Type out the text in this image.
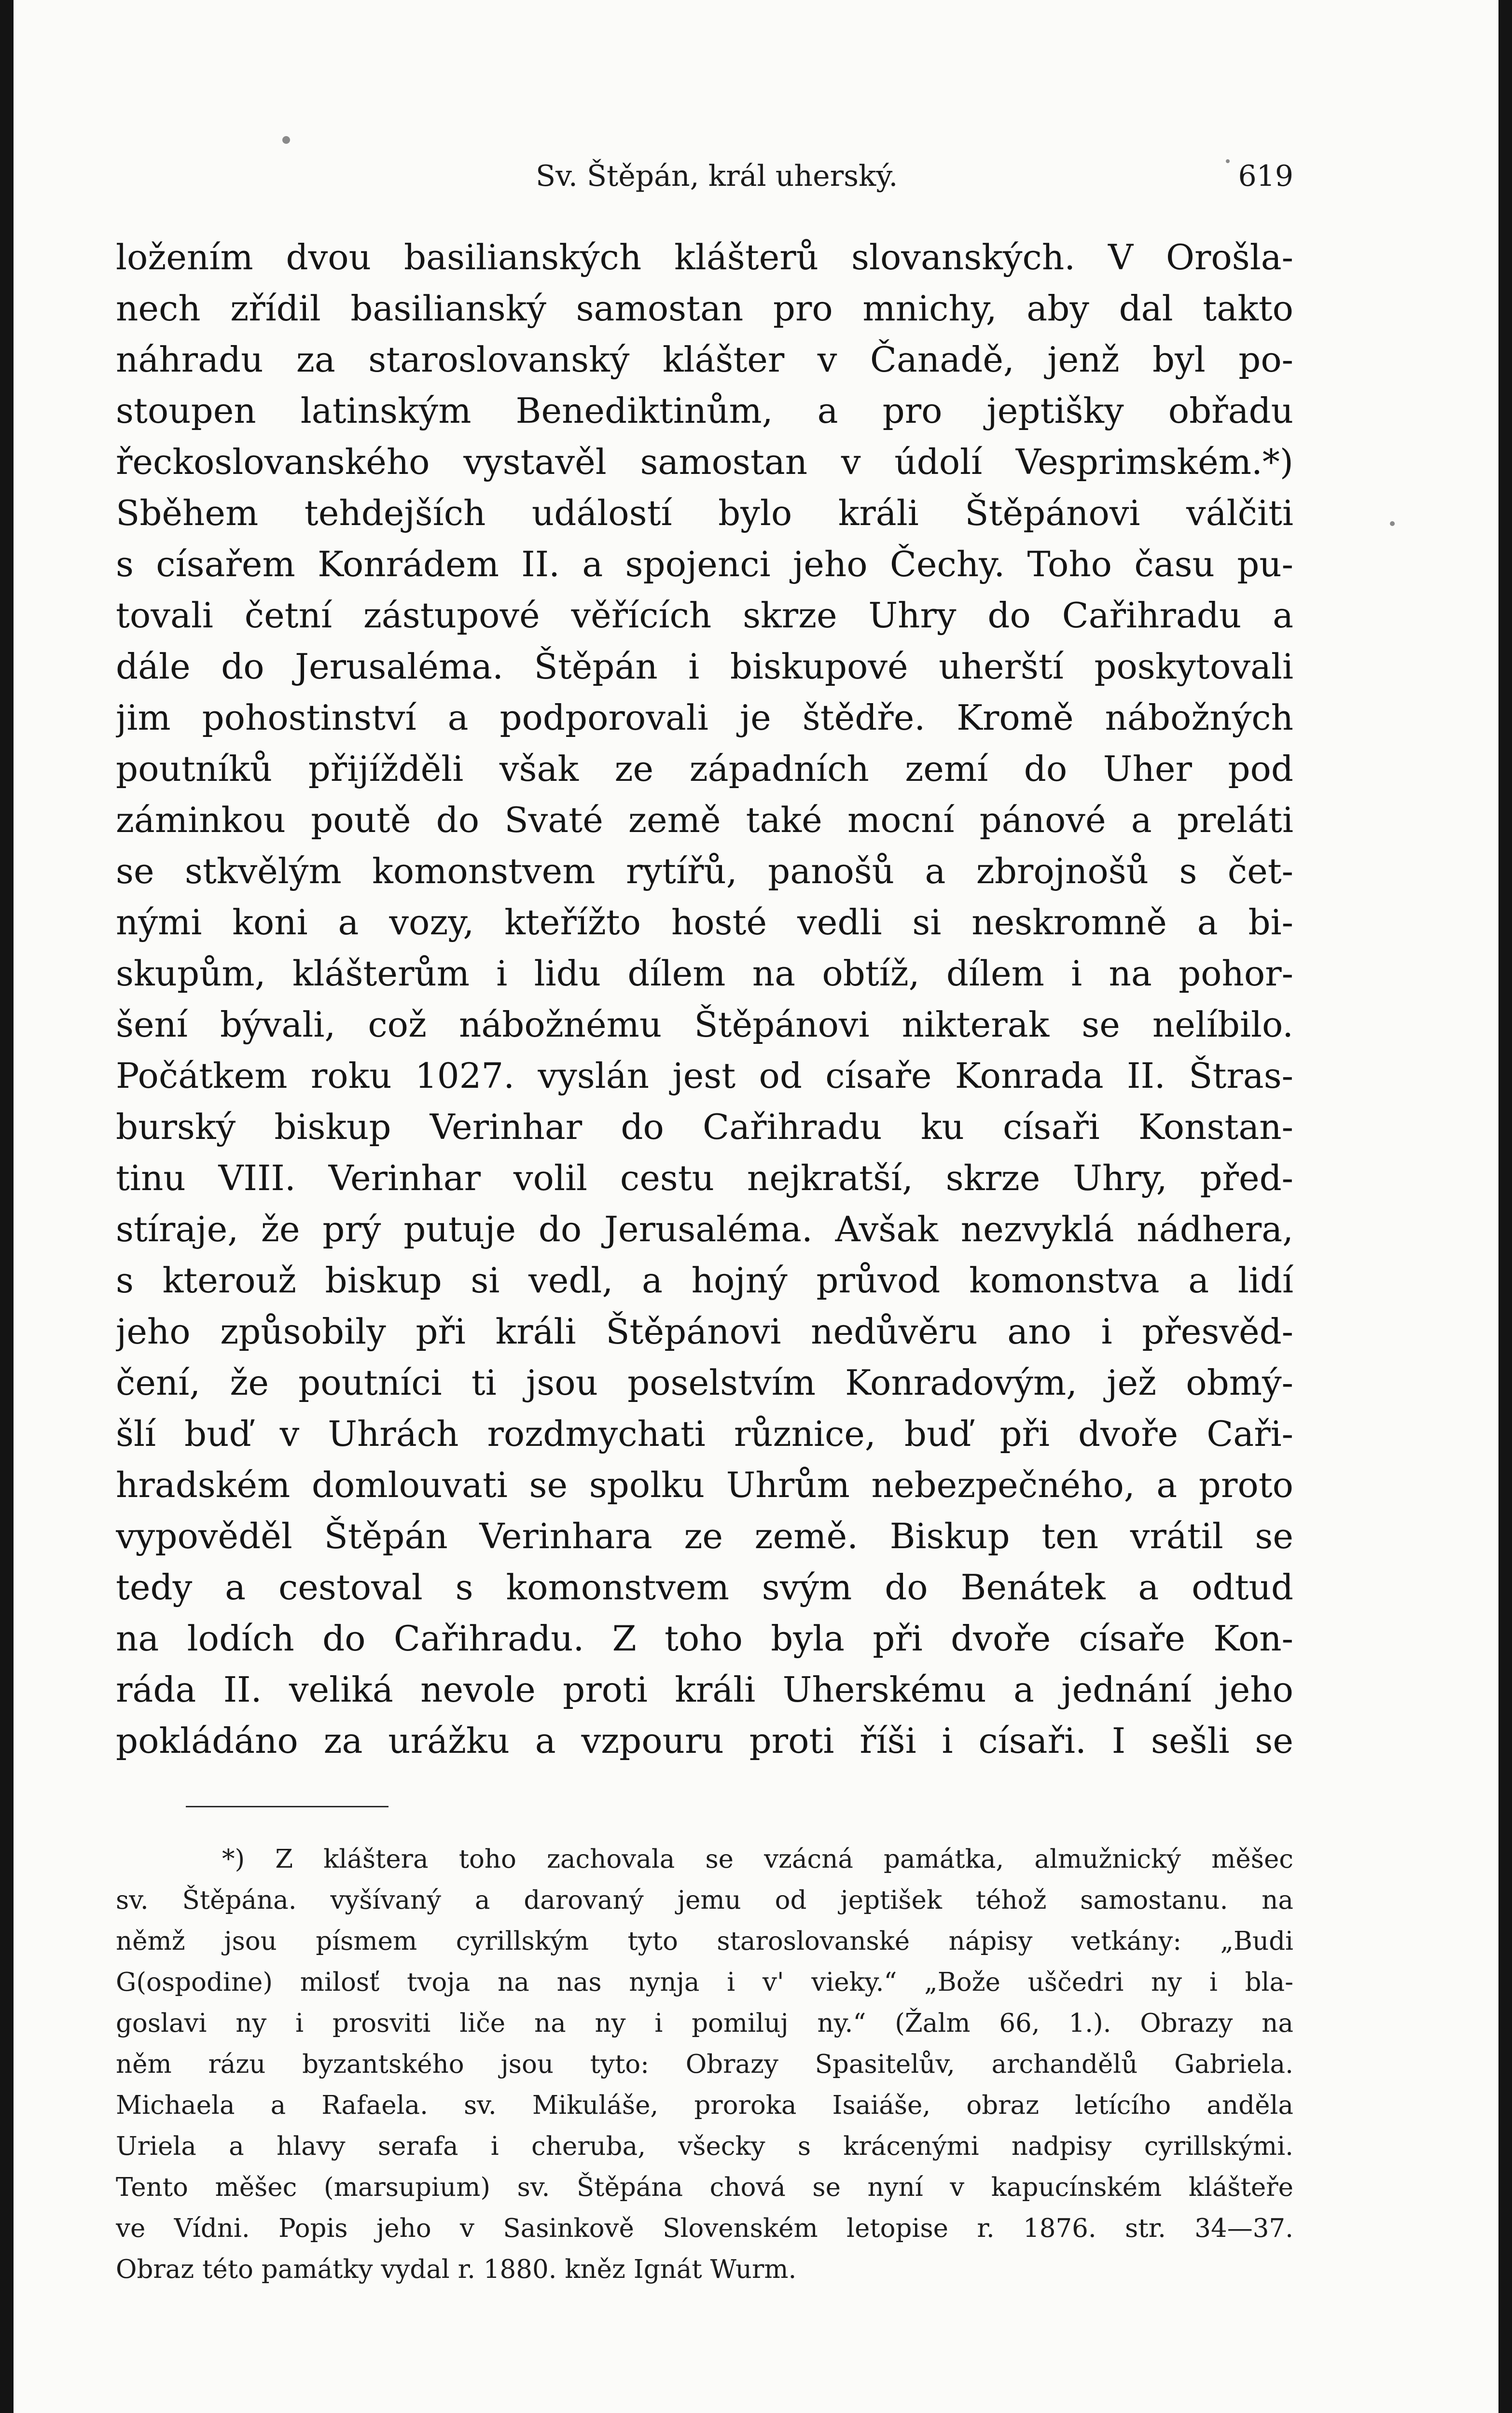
Sv. Štěpán, král uherský.	619
ložením dvou basilianských klášterů slovanských. V Orošla-
nech zřídil basilianský samostan pro mnichy, aby dal takto
náhradu za staroslovanský klášter v Čanadě, jenž byl po-
stoupen latinským Benediktinům, a pro jeptišky obřadu
řeckoslovanského vystavěl samostan v údolí Vesprimském.*)
Sběhem tehdejších událostí bylo králi Štěpánovi válčiti
s císařem Konrádem II. a spojenci jeho Čechy. Toho času pu-
tovali četní zástupové věřících skrze Uhry do Cařihradu a
dále do Jerusaléma. Štěpán i biskupové uherští poskytovali
jim pohostinství a podporovali je štědře. Kromě nábožných
poutníků přijížděli však ze západních zemí do Uher pod
záminkou poutě do Svaté země také mocní pánové a preláti
se stkvělým komonstvem rytířů, panošů a zbrojnošů s čet-
nými koni a vozy, kteřížto hosté vedli si neskromně a bi-
skupům, klášterům i lidu dílem na obtíž, dílem i na pohor-
šení bývali, což nábožnému Štěpánovi nikterak se nelíbilo.
Počátkem roku 1027. vyslán jest od císaře Konrada II. Štras-
burský biskup Verinhar do Cařihradu ku císaři Konstan-
tinu VIII. Verinhar volil cestu nejkratší, skrze Uhry, před-
stíraje, že prý putuje do Jerusaléma. Avšak nezvyklá nádhera,
s kterouž biskup si vedl, a hojný průvod komonstva a lidí
jeho způsobily při králi Štěpánovi nedůvěru ano i přesvěd-
čení, že poutníci ti jsou poselstvím Konradovým, jež obmý-
šlí buď v Uhrách rozdmychati různice, buď při dvoře Caři-
hradském domlouvati se spolku Uhrům nebezpečného, a proto
vypověděl Štěpán Verinhara ze země. Biskup ten vrátil se
tedy a cestoval s komonstvem svým do Benátek a odtud
na lodích do Cařihradu. Z toho byla při dvoře císaře Kon-
ráda II. veliká nevole proti králi Uherskému a jednání jeho
pokládáno za urážku a vzpouru proti říši i císaři. I sešli se
*) Z kláštera toho zachovala se vzácná památka, almužnický měšec
sv. Štěpána. vyšívaný a darovaný jemu od jeptišek téhož samostanu. na
němž jsou písmem cyrillským tyto staroslovanské nápisy vetkány: „Budi
G(ospodine) milosť tvoja na nas nynja i v' vieky.“ „Bože uščedri ny i bla-
goslavi ny i prosviti liče na ny i pomiluj ny.“ (Žalm 66, 1.). Obrazy na
něm rázu byzantského jsou tyto: Obrazy Spasitelův, archandělů Gabriela.
Michaela a Rafaela. sv. Mikuláše, proroka Isaiáše, obraz letícího anděla
Uriela a hlavy serafa i cheruba, všecky s krácenými nadpisy cyrillskými.
Tento měšec (marsupium) sv. Štěpána chová se nyní v kapucínském klášteře
ve Vídni. Popis jeho v Sasinkově Slovenském letopise r. 1876. str. 34—37.
Obraz této památky vydal r. 1880. kněz Ignát Wurm.
